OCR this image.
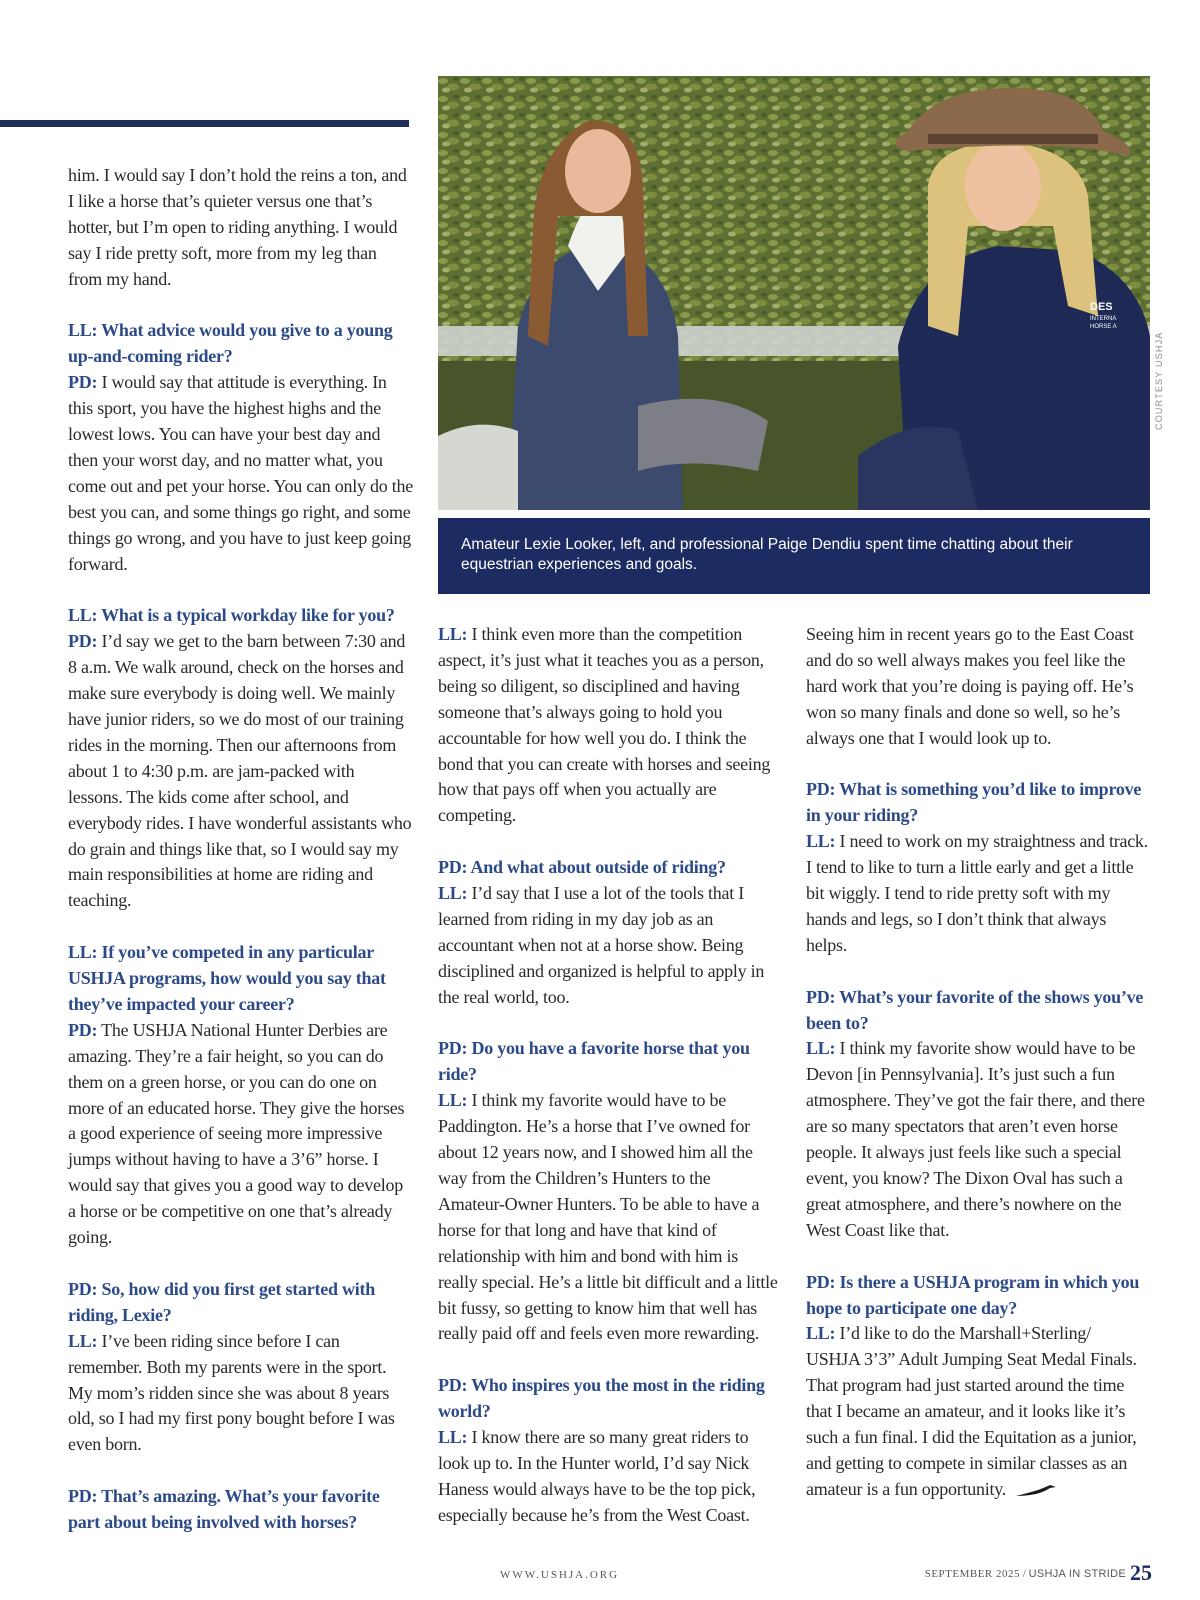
DES
INTERNA
HORSE A
COURTESY USHJA
Amateur Lexie Looker, left, and professional Paige Dendiu spent time chatting about their equestrian experiences and goals.

him. I would say I don’t hold the reins a ton, and I like a horse that’s quieter versus one that’s hotter, but I’m open to riding anything. I would say I ride pretty soft, more from my leg than from my hand.

LL: What advice would you give to a young up-and-coming rider?
PD: I would say that attitude is everything. In this sport, you have the highest highs and the lowest lows. You can have your best day and then your worst day, and no matter what, you come out and pet your horse. You can only do the best you can, and some things go right, and some things go wrong, and you have to just keep going forward.

LL: What is a typical workday like for you?
PD: I’d say we get to the barn between 7:30 and 8 a.m. We walk around, check on the horses and make sure everybody is doing well. We mainly have junior riders, so we do most of our training rides in the morning. Then our afternoons from about 1 to 4:30 p.m. are jam-packed with lessons. The kids come after school, and everybody rides. I have wonderful assistants who do grain and things like that, so I would say my main responsibilities at home are riding and teaching.

LL: If you’ve competed in any particular USHJA programs, how would you say that they’ve impacted your career?
PD: The USHJA National Hunter Derbies are amazing. They’re a fair height, so you can do them on a green horse, or you can do one on more of an educated horse. They give the horses a good experience of seeing more impressive jumps without having to have a 3’6” horse. I would say that gives you a good way to develop a horse or be competitive on one that’s already going.

PD: So, how did you first get started with riding, Lexie?
LL: I’ve been riding since before I can remember. Both my parents were in the sport. My mom’s ridden since she was about 8 years old, so I had my first pony bought before I was even born.

PD: That’s amazing. What’s your favorite part about being involved with horses?

LL: I think even more than the competition aspect, it’s just what it teaches you as a person, being so diligent, so disciplined and having someone that’s always going to hold you accountable for how well you do. I think the bond that you can create with horses and seeing how that pays off when you actually are competing.

PD: And what about outside of riding?
LL: I’d say that I use a lot of the tools that I learned from riding in my day job as an accountant when not at a horse show. Being disciplined and organized is helpful to apply in the real world, too.

PD: Do you have a favorite horse that you ride?
LL: I think my favorite would have to be Paddington. He’s a horse that I’ve owned for about 12 years now, and I showed him all the way from the Children’s Hunters to the Amateur-Owner Hunters. To be able to have a horse for that long and have that kind of relationship with him and bond with him is really special. He’s a little bit difficult and a little bit fussy, so getting to know him that well has really paid off and feels even more rewarding.

PD: Who inspires you the most in the riding world?
LL: I know there are so many great riders to look up to. In the Hunter world, I’d say Nick Haness would always have to be the top pick, especially because he’s from the West Coast.

Seeing him in recent years go to the East Coast and do so well always makes you feel like the hard work that you’re doing is paying off. He’s won so many finals and done so well, so he’s always one that I would look up to.

PD: What is something you’d like to improve in your riding?
LL: I need to work on my straightness and track. I tend to like to turn a little early and get a little bit wiggly. I tend to ride pretty soft with my hands and legs, so I don’t think that always helps.

PD: What’s your favorite of the shows you’ve been to?
LL: I think my favorite show would have to be Devon [in Pennsylvania]. It’s just such a fun atmosphere. They’ve got the fair there, and there are so many spectators that aren’t even horse people. It always just feels like such a special event, you know? The Dixon Oval has such a great atmosphere, and there’s nowhere on the West Coast like that.

PD: Is there a USHJA program in which you hope to participate one day?
LL: I’d like to do the Marshall+Sterling/ USHJA 3’3” Adult Jumping Seat Medal Finals. That program had just started around the time that I became an amateur, and it looks like it’s such a fun final. I did the Equitation as a junior, and getting to compete in similar classes as an amateur is a fun opportunity.

WWW.USHJA.ORG	SEPTEMBER 2025 / USHJA IN STRIDE 25
